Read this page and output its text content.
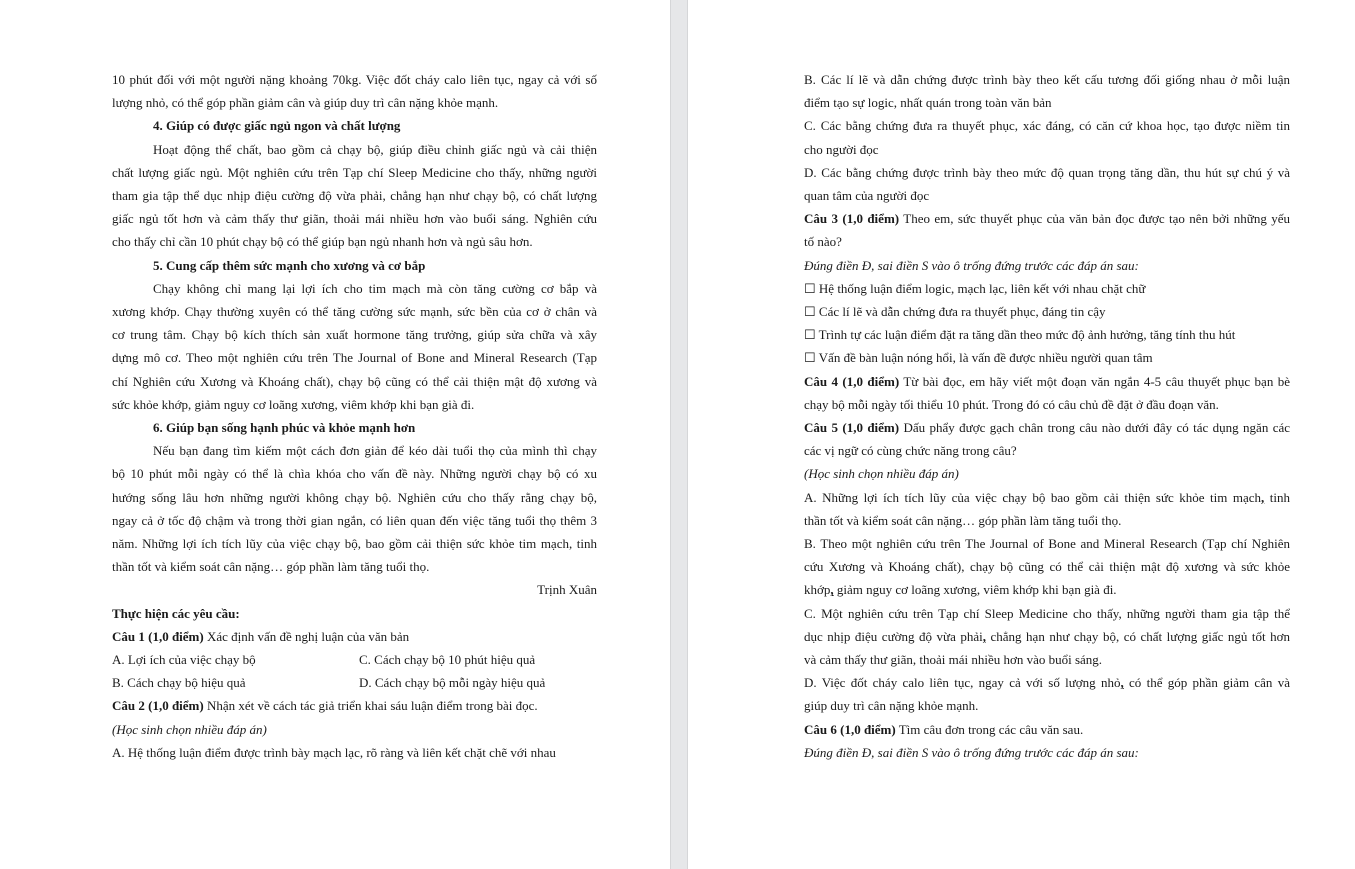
10 phút đối với một người nặng khoảng 70kg. Việc đốt cháy calo liên tục, ngay cả với số

lượng nhỏ, có thể góp phần giảm cân và giúp duy trì cân nặng khỏe mạnh.

4. Giúp có được giấc ngủ ngon và chất lượng

Hoạt động thể chất, bao gồm cả chạy bộ, giúp điều chỉnh giấc ngủ và cải thiện

chất lượng giấc ngủ. Một nghiên cứu trên Tạp chí Sleep Medicine cho thấy, những người

tham gia tập thể dục nhịp điệu cường độ vừa phải, chẳng hạn như chạy bộ, có chất lượng

giấc ngủ tốt hơn và cảm thấy thư giãn, thoải mái nhiều hơn vào buổi sáng. Nghiên cứu

cho thấy chỉ cần 10 phút chạy bộ có thể giúp bạn ngủ nhanh hơn và ngủ sâu hơn.

5. Cung cấp thêm sức mạnh cho xương và cơ bắp

Chạy không chỉ mang lại lợi ích cho tim mạch mà còn tăng cường cơ bắp và

xương khớp. Chạy thường xuyên có thể tăng cường sức mạnh, sức bền của cơ ở chân và

cơ trung tâm. Chạy bộ kích thích sản xuất hormone tăng trưởng, giúp sửa chữa và xây

dựng mô cơ. Theo một nghiên cứu trên The Journal of Bone and Mineral Research (Tạp

chí Nghiên cứu Xương và Khoáng chất), chạy bộ cũng có thể cải thiện mật độ xương và

sức khỏe khớp, giảm nguy cơ loãng xương, viêm khớp khi bạn già đi.

6. Giúp bạn sống hạnh phúc và khỏe mạnh hơn

Nếu bạn đang tìm kiếm một cách đơn giản để kéo dài tuổi thọ của mình thì chạy

bộ 10 phút mỗi ngày có thể là chìa khóa cho vấn đề này. Những người chạy bộ có xu

hướng sống lâu hơn những người không chạy bộ. Nghiên cứu cho thấy rằng chạy bộ,

ngay cả ở tốc độ chậm và trong thời gian ngắn, có liên quan đến việc tăng tuổi thọ thêm 3

năm. Những lợi ích tích lũy của việc chạy bộ, bao gồm cải thiện sức khỏe tim mạch, tinh

thần tốt và kiểm soát cân nặng… góp phần làm tăng tuổi thọ.

Trịnh Xuân

Thực hiện các yêu cầu:

Câu 1 (1,0 điểm) Xác định vấn đề nghị luận của văn bản

A. Lợi ích của việc chạy bộ	C. Cách chạy bộ 10 phút hiệu quả
B. Cách chạy bộ hiệu quả	D. Cách chạy bộ mỗi ngày hiệu quả

Câu 2 (1,0 điểm) Nhận xét về cách tác giả triển khai sáu luận điểm trong bài đọc.

(Học sinh chọn nhiều đáp án)

A. Hệ thống luận điểm được trình bày mạch lạc, rõ ràng và liên kết chặt chẽ với nhau

B. Các lí lẽ và dẫn chứng được trình bày theo kết cấu tương đối giống nhau ở mỗi luận

điểm tạo sự logic, nhất quán trong toàn văn bản

C. Các bằng chứng đưa ra thuyết phục, xác đáng, có căn cứ khoa học, tạo được niềm tin

cho người đọc

D. Các bằng chứng được trình bày theo mức độ quan trọng tăng dần, thu hút sự chú ý và

quan tâm của người đọc

Câu 3 (1,0 điểm) Theo em, sức thuyết phục của văn bản đọc được tạo nên bởi những yếu

tố nào?

Đúng điền Đ, sai điền S vào ô trống đứng trước các đáp án sau:

☐ Hệ thống luận điểm logic, mạch lạc, liên kết với nhau chặt chữ

☐ Các lí lẽ và dẫn chứng đưa ra thuyết phục, đáng tin cậy

☐ Trình tự các luận điểm đặt ra tăng dần theo mức độ ảnh hưởng, tăng tính thu hút

☐ Vấn đề bàn luận nóng hổi, là vấn đề được nhiều người quan tâm

Câu 4 (1,0 điểm) Từ bài đọc, em hãy viết một đoạn văn ngắn 4-5 câu thuyết phục bạn bè

chạy bộ mỗi ngày tối thiểu 10 phút. Trong đó có câu chủ đề đặt ở đầu đoạn văn.

Câu 5 (1,0 điểm) Dấu phẩy được gạch chân trong câu nào dưới đây có tác dụng ngăn các

các vị ngữ có cùng chức năng trong câu?

(Học sinh chọn nhiều đáp án)

A. Những lợi ích tích lũy của việc chạy bộ bao gồm cải thiện sức khỏe tim mạch, tinh

thần tốt và kiểm soát cân nặng… góp phần làm tăng tuổi thọ.

B. Theo một nghiên cứu trên The Journal of Bone and Mineral Research (Tạp chí Nghiên

cứu Xương và Khoáng chất), chạy bộ cũng có thể cải thiện mật độ xương và sức khỏe

khớp, giảm nguy cơ loãng xương, viêm khớp khi bạn già đi.

C. Một nghiên cứu trên Tạp chí Sleep Medicine cho thấy, những người tham gia tập thể

dục nhịp điệu cường độ vừa phải, chẳng hạn như chạy bộ, có chất lượng giấc ngủ tốt hơn

và cảm thấy thư giãn, thoải mái nhiều hơn vào buổi sáng.

D. Việc đốt cháy calo liên tục, ngay cả với số lượng nhỏ, có thể góp phần giảm cân và

giúp duy trì cân nặng khỏe mạnh.

Câu 6 (1,0 điểm) Tìm câu đơn trong các câu văn sau.

Đúng điền Đ, sai điền S vào ô trống đứng trước các đáp án sau:
